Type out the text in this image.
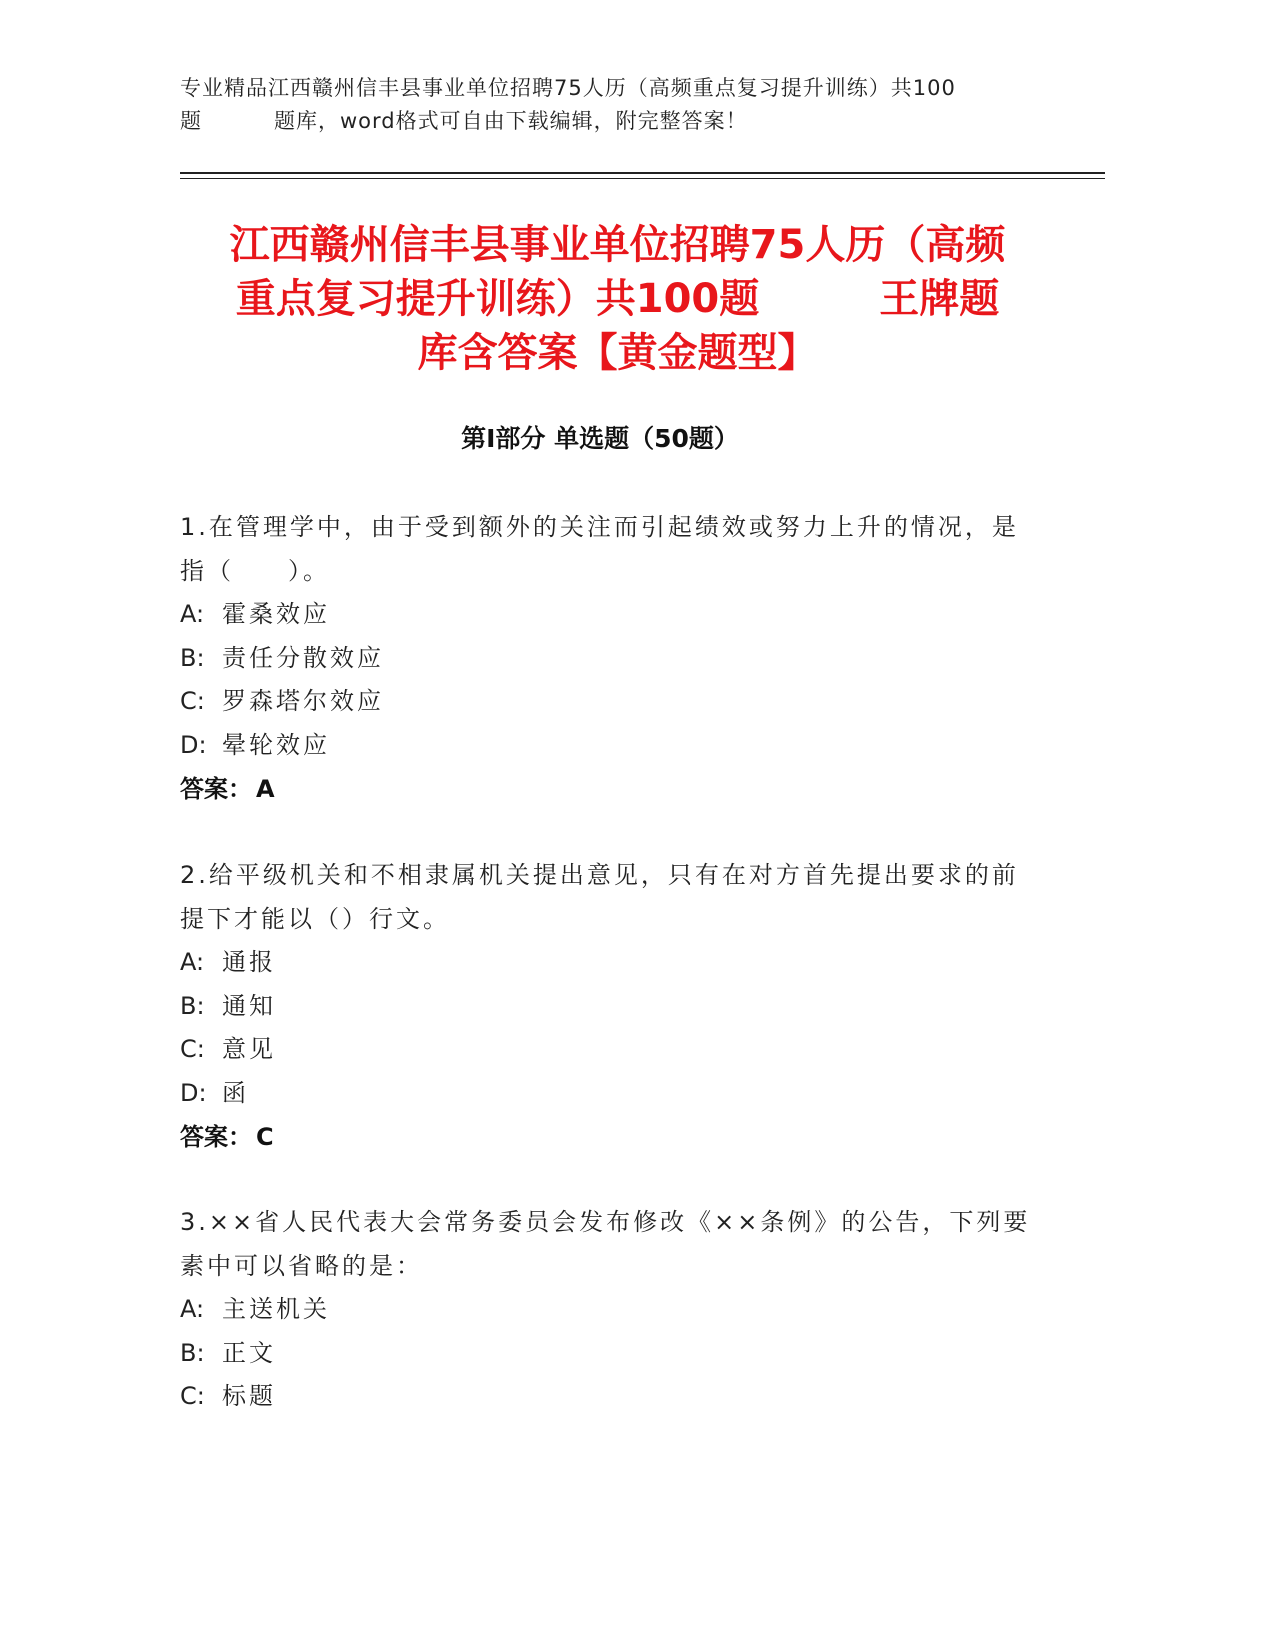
专业精品江西赣州信丰县事业单位招聘75人历（高频重点复习提升训练）共100
题	题库，word格式可自由下载编辑，附完整答案！
江西赣州信丰县事业单位招聘75人历（高频
重点复习提升训练）共100题	王牌题
库含答案【黄金题型】
第Ⅰ部分 单选题（50题）

1.在管理学中，由于受到额外的关注而引起绩效或努力上升的情况，是指（　　）。

A: 霍桑效应

B: 责任分散效应

C: 罗森塔尔效应

D: 晕轮效应

答案： A

2.给平级机关和不相隶属机关提出意见，只有在对方首先提出要求的前提下才能以（）行文。

A: 通报

B: 通知

C: 意见

D: 函

答案： C

3.××省人民代表大会常务委员会发布修改《××条例》的公告，下列要素中可以省略的是：

A: 主送机关

B: 正文

C: 标题
